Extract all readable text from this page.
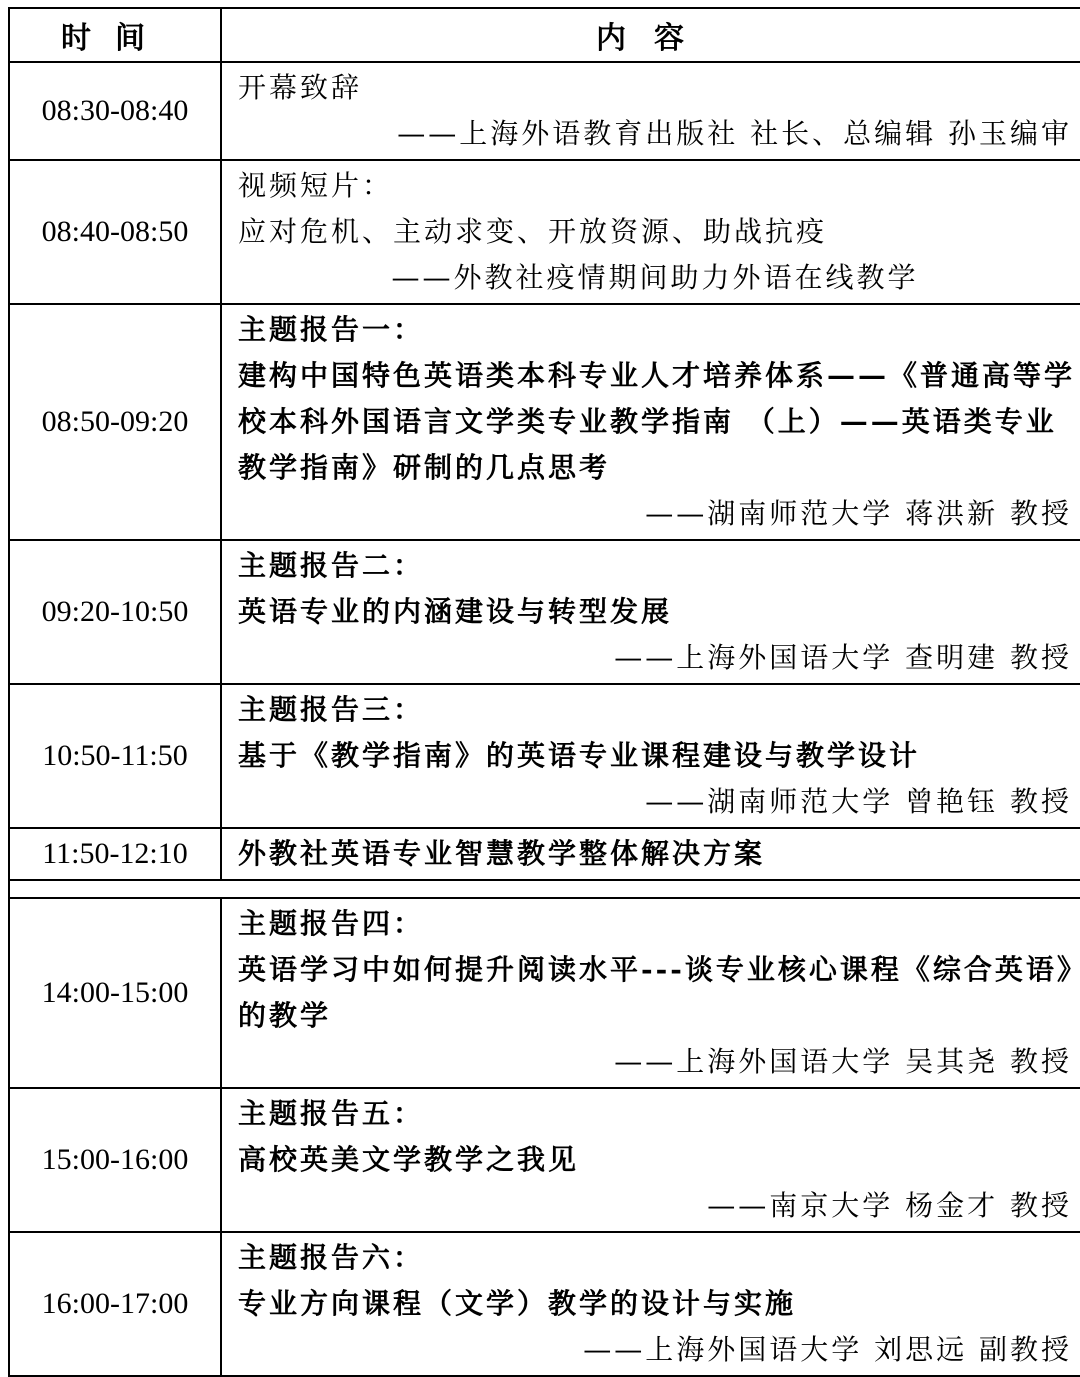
时间	内容
08:30-08:40	开幕致辞
——上海外语教育出版社 社长、总编辑 孙玉编审

08:40-08:50	视频短片：
应对危机、主动求变、开放资源、助战抗疫
——外教社疫情期间助力外语在线教学

08:50-09:20	主题报告一：
建构中国特色英语类本科专业人才培养体系——《普通高等学校本科外国语言文学类专业教学指南 （上）——英语类专业教学指南》研制的几点思考
——湖南师范大学 蒋洪新 教授

09:20-10:50	主题报告二：
英语专业的内涵建设与转型发展
——上海外国语大学 查明建 教授

10:50-11:50	主题报告三：
基于《教学指南》的英语专业课程建设与教学设计
——湖南师范大学 曾艳钰 教授

11:50-12:10	外教社英语专业智慧教学整体解决方案

14:00-15:00	主题报告四：
英语学习中如何提升阅读水平---谈专业核心课程《综合英语》的教学
——上海外国语大学 吴其尧 教授

15:00-16:00	主题报告五：
高校英美文学教学之我见
——南京大学 杨金才 教授

16:00-17:00	主题报告六：
专业方向课程（文学）教学的设计与实施
——上海外国语大学 刘思远 副教授
